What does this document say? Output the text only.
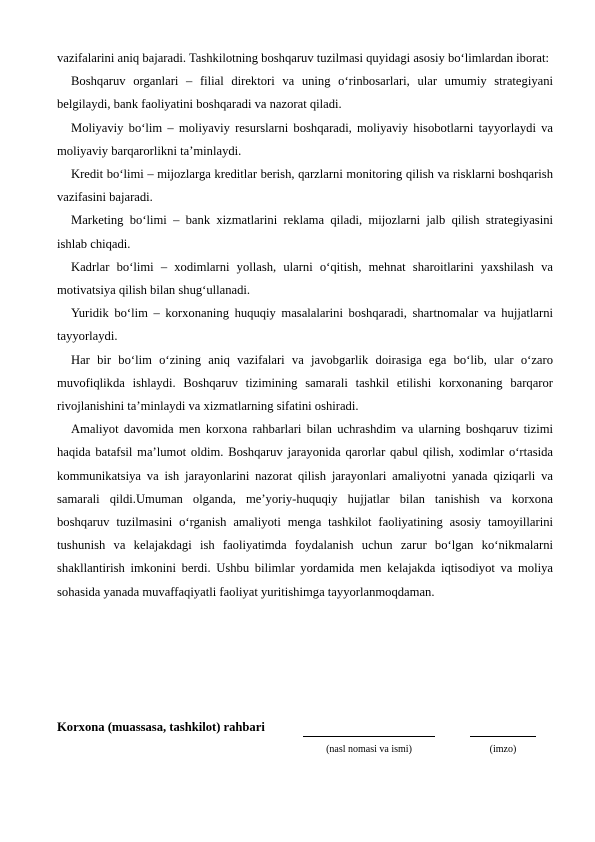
vazifalarini aniq bajaradi. Tashkilotning boshqaruv tuzilmasi quyidagi asosiy bo‘limlardan iborat:

Boshqaruv organlari – filial direktori va uning o‘rinbosarlari, ular umumiy strategiyani belgilaydi, bank faoliyatini boshqaradi va nazorat qiladi.

Moliyaviy bo‘lim – moliyaviy resurslarni boshqaradi, moliyaviy hisobotlarni tayyorlaydi va moliyaviy barqarorlikni ta’minlaydi.

Kredit bo‘limi – mijozlarga kreditlar berish, qarzlarni monitoring qilish va risklarni boshqarish vazifasini bajaradi.

Marketing bo‘limi – bank xizmatlarini reklama qiladi, mijozlarni jalb qilish strategiyasini ishlab chiqadi.

Kadrlar bo‘limi – xodimlarni yollash, ularni o‘qitish, mehnat sharoitlarini yaxshilash va motivatsiya qilish bilan shug‘ullanadi.

Yuridik bo‘lim – korxonaning huquqiy masalalarini boshqaradi, shartnomalar va hujjatlarni tayyorlaydi.

Har bir bo‘lim o‘zining aniq vazifalari va javobgarlik doirasiga ega bo‘lib, ular o‘zaro muvofiqlikda ishlaydi. Boshqaruv tizimining samarali tashkil etilishi korxonaning barqaror rivojlanishini ta’minlaydi va xizmatlarning sifatini oshiradi.

Amaliyot davomida men korxona rahbarlari bilan uchrashdim va ularning boshqaruv tizimi haqida batafsil ma’lumot oldim. Boshqaruv jarayonida qarorlar qabul qilish, xodimlar o‘rtasida kommunikatsiya va ish jarayonlarini nazorat qilish jarayonlari amaliyotni yanada qiziqarli va samarali qildi.Umuman olganda, me’yoriy-huquqiy hujjatlar bilan tanishish va korxona boshqaruv tuzilmasini o‘rganish amaliyoti menga tashkilot faoliyatining asosiy tamoyillarini tushunish va kelajakdagi ish faoliyatimda foydalanish uchun zarur bo‘lgan ko‘nikmalarni shakllantirish imkonini berdi. Ushbu bilimlar yordamida men kelajakda iqtisodiyot va moliya sohasida yanada muvaffaqiyatli faoliyat yuritishimga tayyorlanmoqdaman.

Korxona (muassasa, tashkilot) rahbari
(nasl nomasi va ismi)	(imzo)
